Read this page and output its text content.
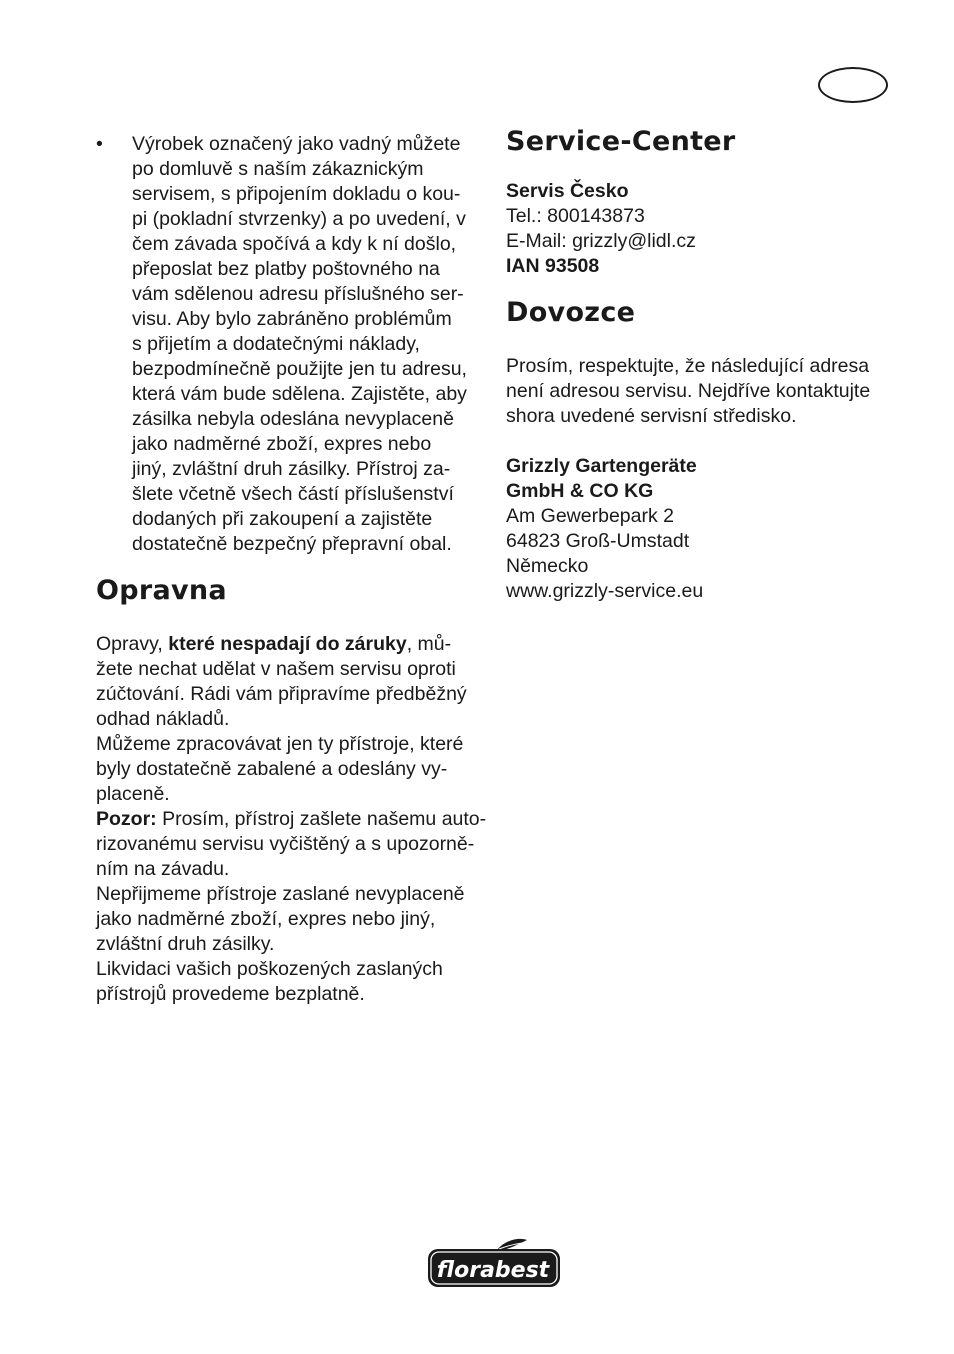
• Výrobek označený jako vadný můžete
po domluvě s naším zákaznickým
servisem, s připojením dokladu o kou-
pi (pokladní stvrzenky) a po uvedení, v
čem závada spočívá a kdy k ní došlo,
přeposlat bez platby poštovného na
vám sdělenou adresu příslušného ser-
visu. Aby bylo zabráněno problémům
s přijetím a dodatečnými náklady,
bezpodmínečně použijte jen tu adresu,
která vám bude sdělena. Zajistěte, aby
zásilka nebyla odeslána nevyplaceně
jako nadměrné zboží, expres nebo
jiný, zvláštní druh zásilky. Přístroj za-
šlete včetně všech částí příslušenství
dodaných při zakoupení a zajistěte
dostatečně bezpečný přepravní obal.
Opravna
Opravy, které nespadají do záruky, mů-
žete nechat udělat v našem servisu oproti
zúčtování. Rádi vám připravíme předběžný
odhad nákladů.
Můžeme zpracovávat jen ty přístroje, které
byly dostatečně zabalené a odeslány vy-
placeně.
Pozor: Prosím, přístroj zašlete našemu auto-
rizovanému servisu vyčištěný a s upozorně-
ním na závadu.
Nepřijmeme přístroje zaslané nevyplaceně
jako nadměrné zboží, expres nebo jiný,
zvláštní druh zásilky.
Likvidaci vašich poškozených zaslaných
přístrojů provedeme bezplatně.
Service-Center
Servis Česko
Tel.: 800143873
E-Mail: grizzly@lidl.cz
IAN 93508
Dovozce
Prosím, respektujte, že následující adresa
není adresou servisu. Nejdříve kontaktujte
shora uvedené servisní středisko.
Grizzly Gartengeräte
GmbH & CO KG
Am Gewerbepark 2
64823 Groß-Umstadt
Německo
www.grizzly-service.eu
florabest
